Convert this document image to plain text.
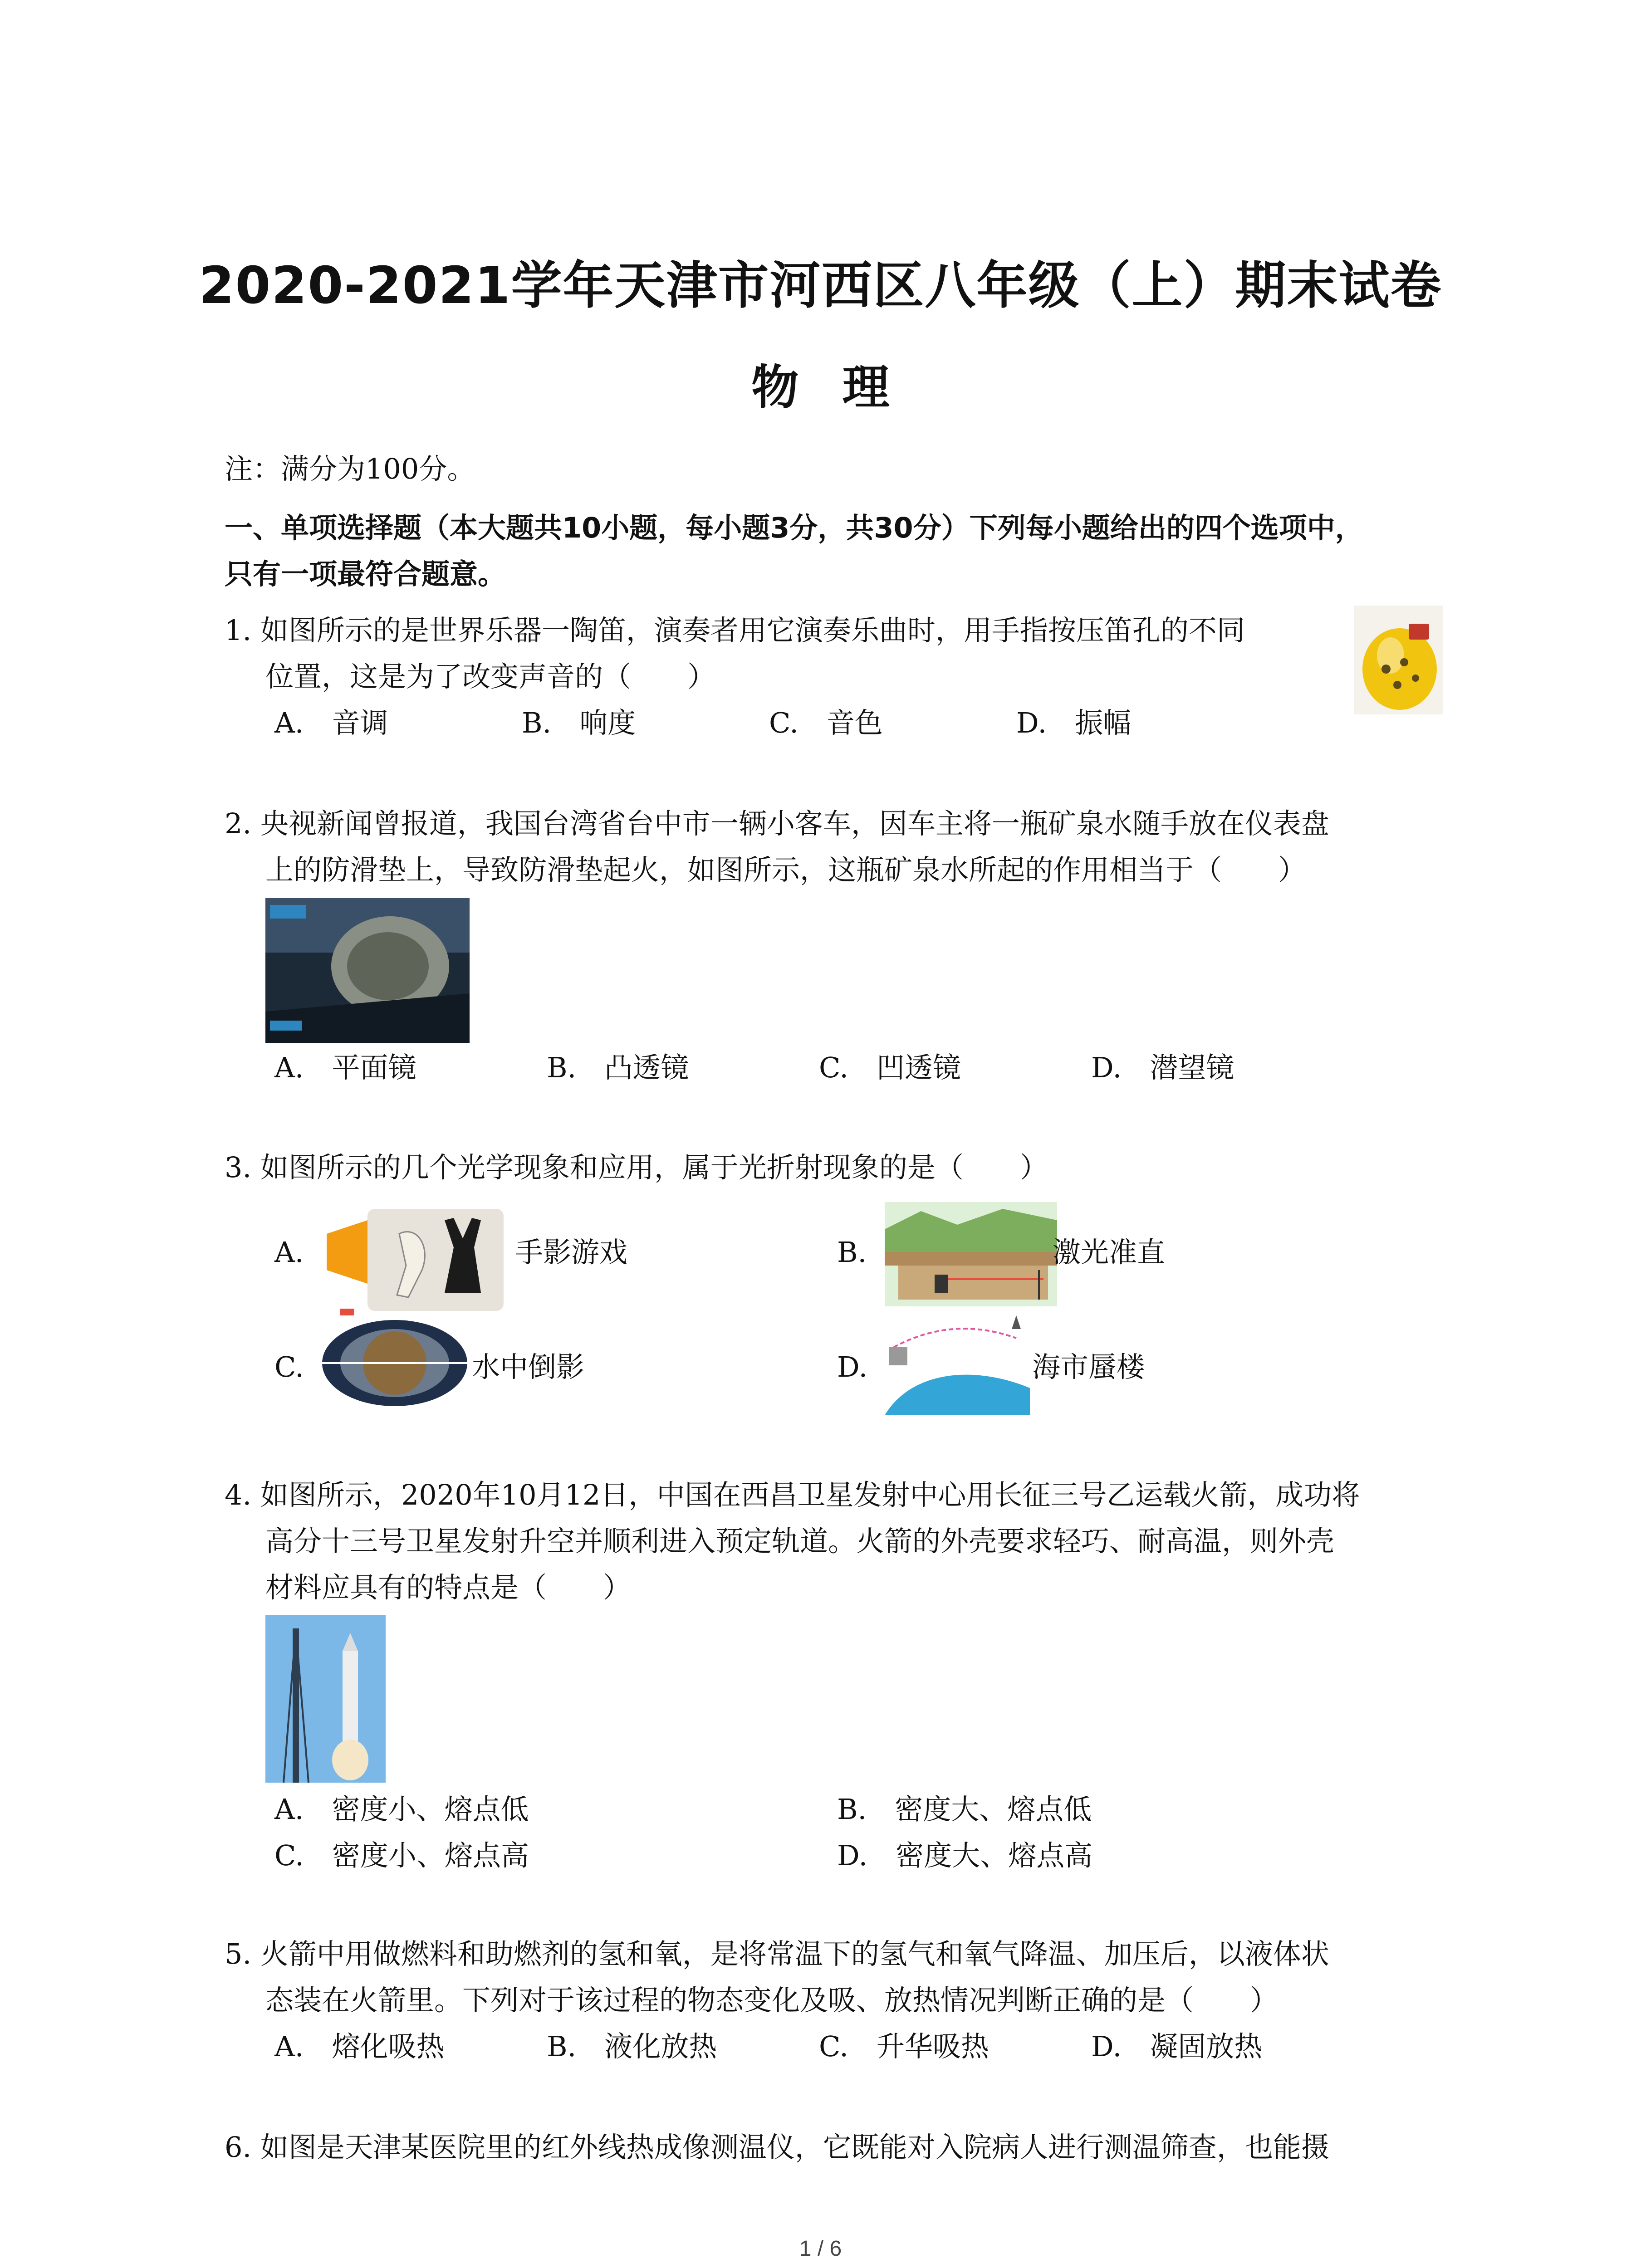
2020-2021学年天津市河西区八年级（上）期末试卷
物 理
注：满分为100分。
一、单项选择题（本大题共10小题，每小题3分，共30分）下列每小题给出的四个选项中，
只有一项最符合题意。
1. 如图所示的是世界乐器一陶笛，演奏者用它演奏乐曲时，用手指按压笛孔的不同
位置，这是为了改变声音的（　　）
A.　音调	B.　响度	C.　音色	D.　振幅
2. 央视新闻曾报道，我国台湾省台中市一辆小客车，因车主将一瓶矿泉水随手放在仪表盘
上的防滑垫上，导致防滑垫起火，如图所示，这瓶矿泉水所起的作用相当于（　　）
A.　平面镜	B.　凸透镜	C.　凹透镜	D.　潜望镜
3. 如图所示的几个光学现象和应用，属于光折射现象的是（　　）
A.	手影游戏	B.	激光准直
C.	水中倒影	D.	海市蜃楼
4. 如图所示，2020年10月12日，中国在西昌卫星发射中心用长征三号乙运载火箭，成功将
高分十三号卫星发射升空并顺利进入预定轨道。火箭的外壳要求轻巧、耐高温，则外壳
材料应具有的特点是（　　）
A.　密度小、熔点低	B.　密度大、熔点低
C.　密度小、熔点高	D.　密度大、熔点高
5. 火箭中用做燃料和助燃剂的氢和氧，是将常温下的氢气和氧气降温、加压后，以液体状
态装在火箭里。下列对于该过程的物态变化及吸、放热情况判断正确的是（　　）
A.　熔化吸热	B.　液化放热	C.　升华吸热	D.　凝固放热
6. 如图是天津某医院里的红外线热成像测温仪，它既能对入院病人进行测温筛查，也能摄
1 / 6
